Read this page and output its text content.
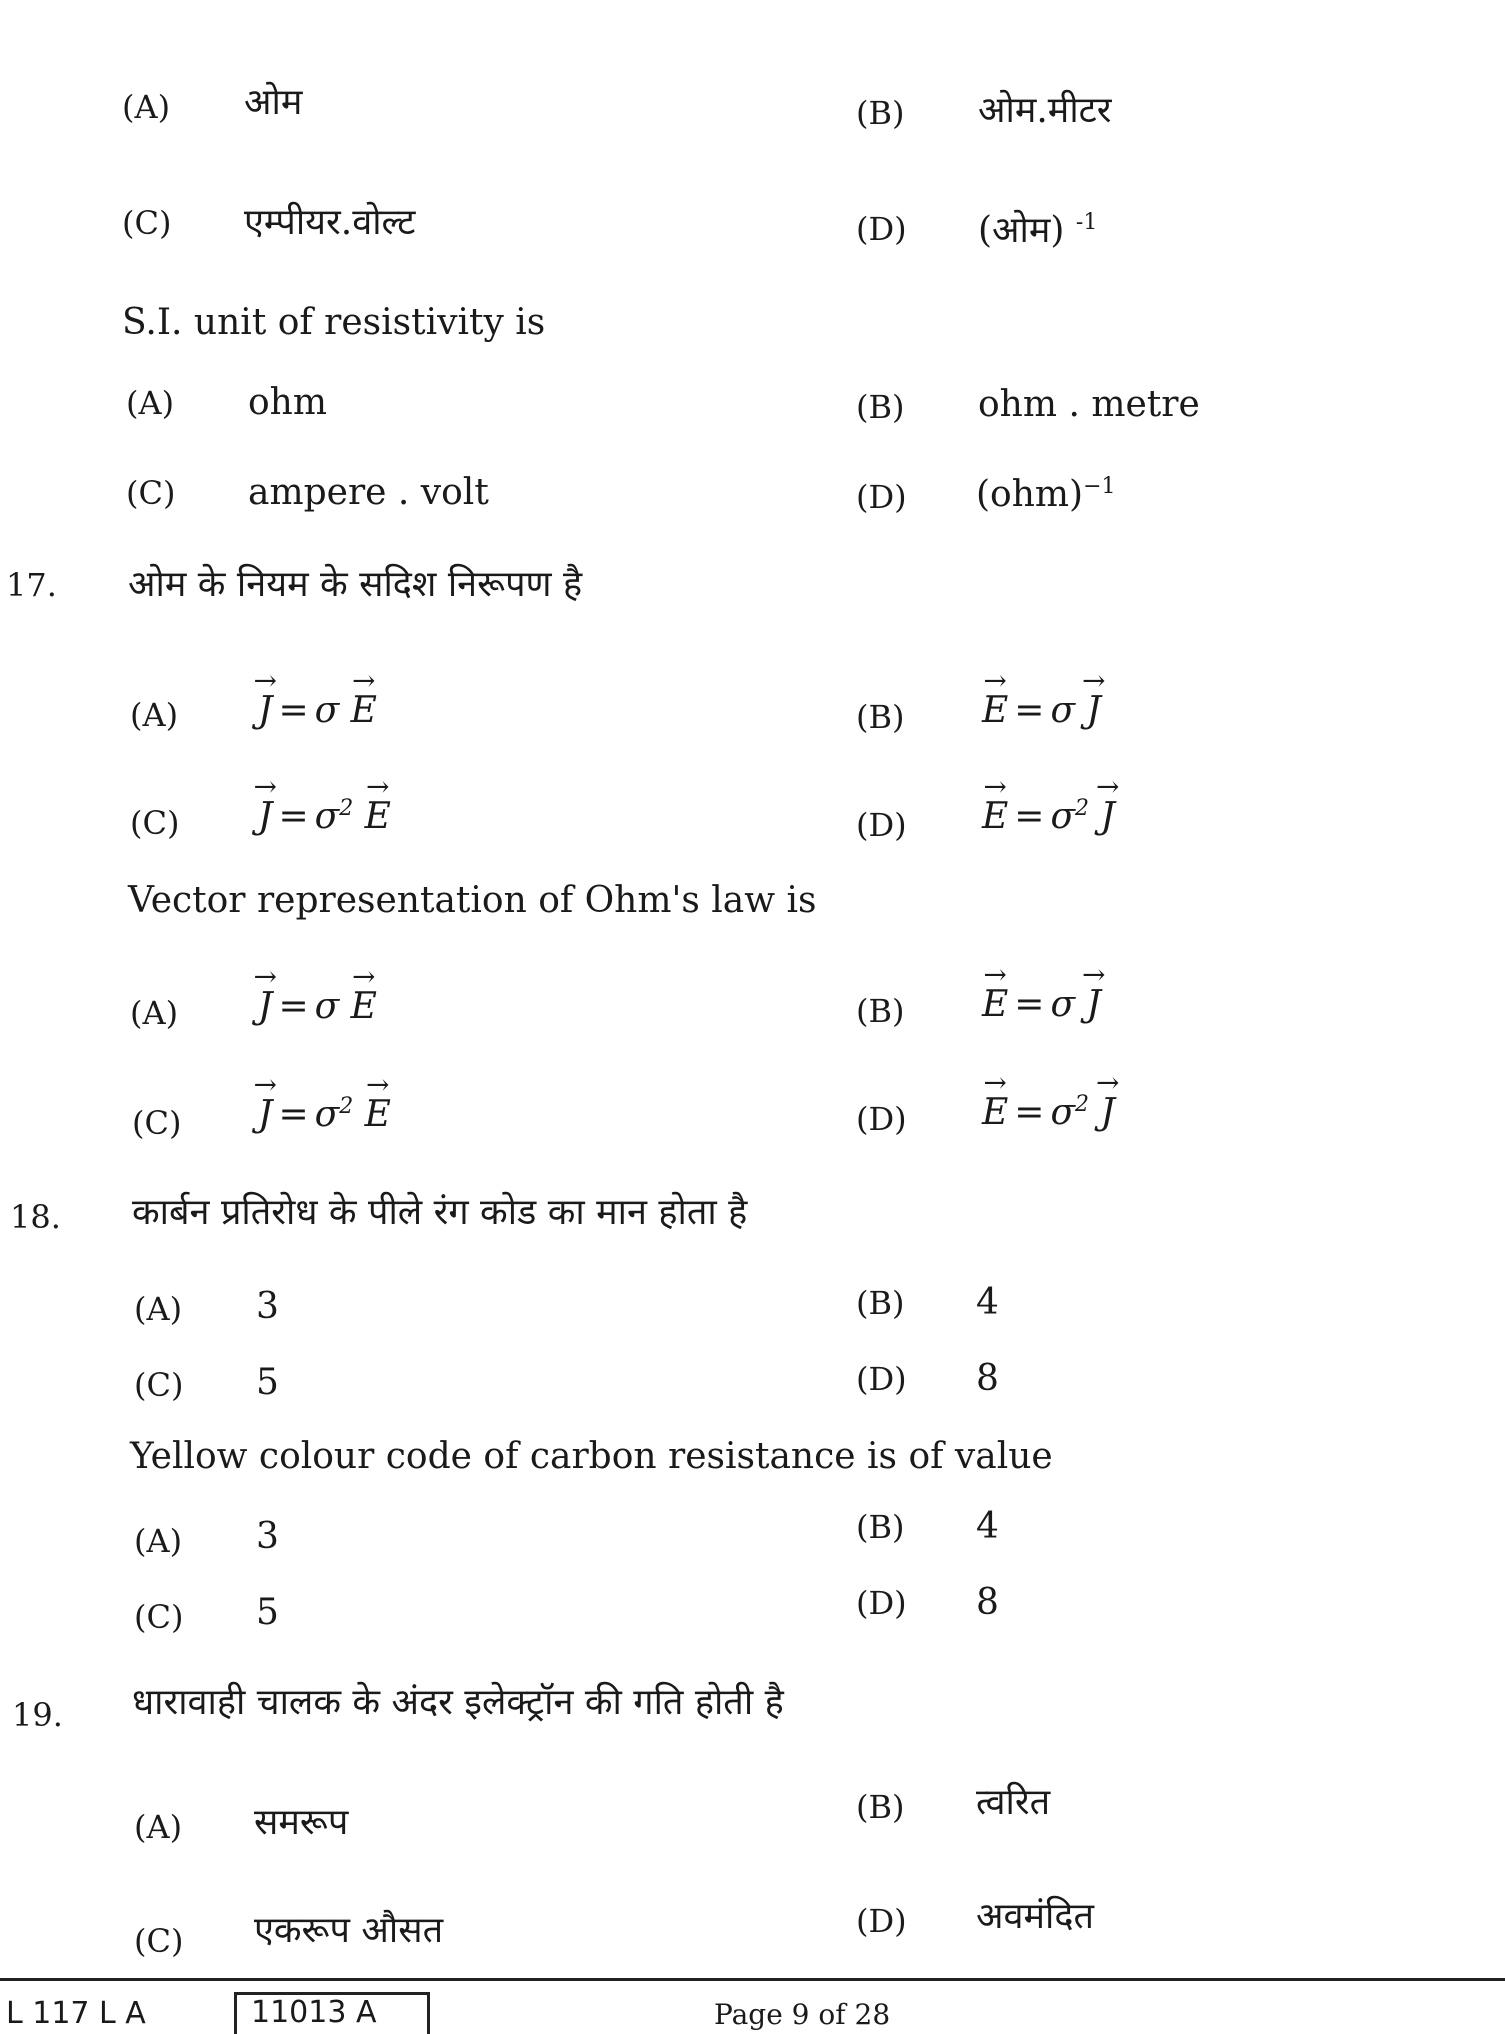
(A) ओम	(B) ओम.मीटर
(C) एम्पीयर.वोल्ट	(D) (ओम) $^{-1}$
S.I. unit of resistivity is
(A) ohm	(B) ohm . metre
(C) ampere . volt	(D) (ohm)$^{-1}$
17. ओम के नियम के सदिश निरूपण है
(A)
→ J = σ → E	(B)
→ E = σ → J
(C)
→ $J = \sigma^2 \to E$	(D)
→ $E = \sigma^2 \to J$
Vector representation of Ohm's law is
(A)
→ J = σ → E	(B)
→ E = σ → J
(C)
→ $J = \sigma^2 \to E$	(D)
→ $E = \sigma^2 \to J$
18. कार्बन प्रतिरोध के पीले रंग कोड का मान होता है
(A) 3	(B) 4
(C) 5	(D) 8
Yellow colour code of carbon resistance is of value
(A) 3	(B) 4
(C) 5	(D) 8
19. धारावाही चालक के अंदर इलेक्ट्रॉन की गति होती है
(A) समरूप	(B) त्वरित
(C) एकरूप औसत	(D) अवमंदित
L 117 L A	11013 A	Page 9 of 28
